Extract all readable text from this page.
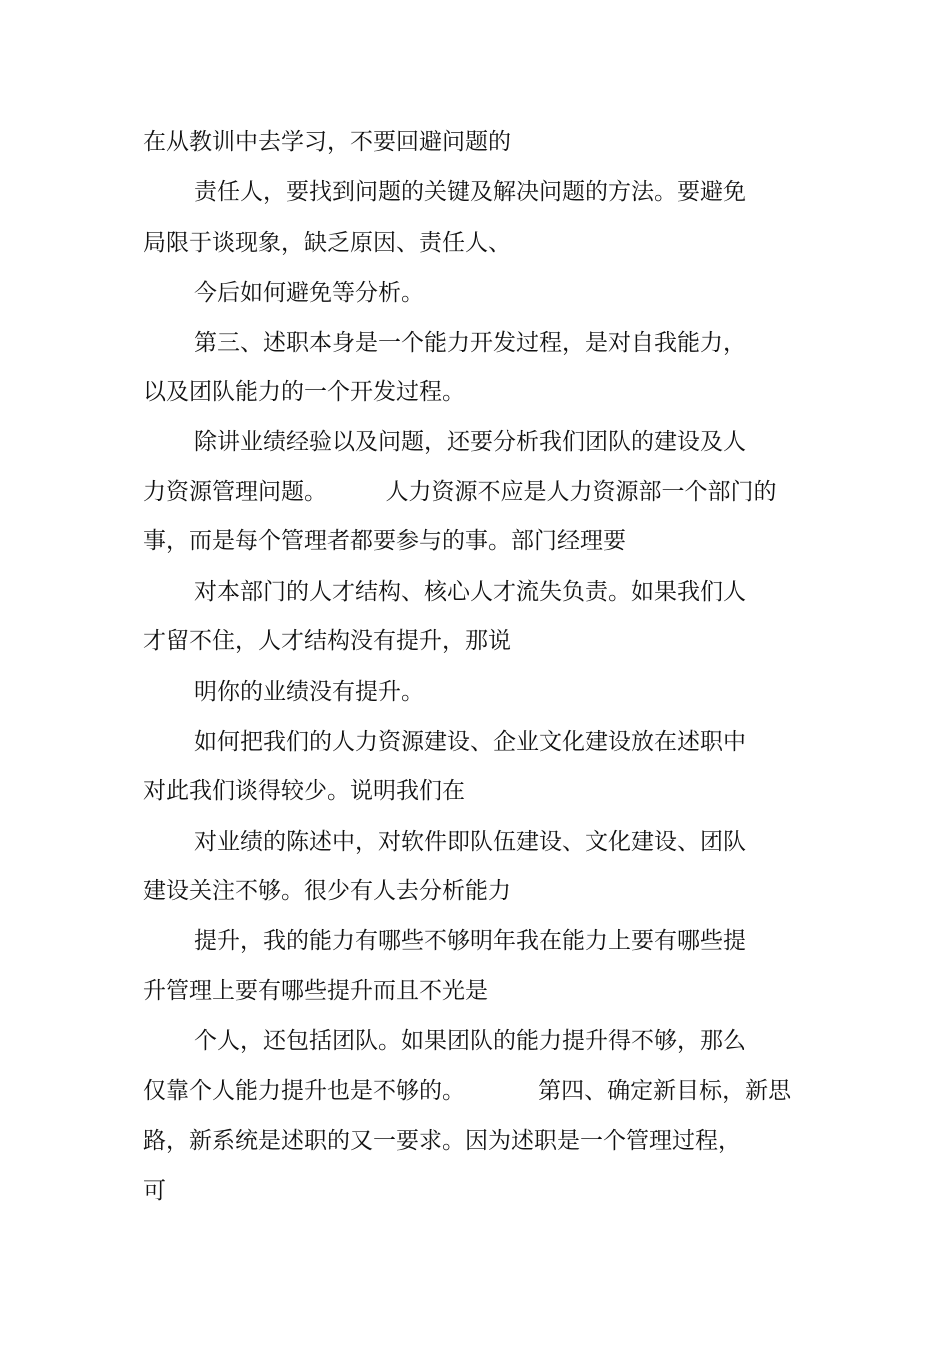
在从教训中去学习，不要回避问题的
责任人，要找到问题的关键及解决问题的方法。要避免
局限于谈现象，缺乏原因、责任人、
今后如何避免等分析。
第三、述职本身是一个能力开发过程，是对自我能力，
以及团队能力的一个开发过程。
除讲业绩经验以及问题，还要分析我们团队的建设及人
力资源管理问题。        人力资源不应是人力资源部一个部门的
事，而是每个管理者都要参与的事。部门经理要
对本部门的人才结构、核心人才流失负责。如果我们人
才留不住，人才结构没有提升，那说
明你的业绩没有提升。
如何把我们的人力资源建设、企业文化建设放在述职中
对此我们谈得较少。说明我们在
对业绩的陈述中，对软件即队伍建设、文化建设、团队
建设关注不够。很少有人去分析能力
提升，我的能力有哪些不够明年我在能力上要有哪些提
升管理上要有哪些提升而且不光是
个人，还包括团队。如果团队的能力提升得不够，那么
仅靠个人能力提升也是不够的。          第四、确定新目标，新思
路，新系统是述职的又一要求。因为述职是一个管理过程，
可
